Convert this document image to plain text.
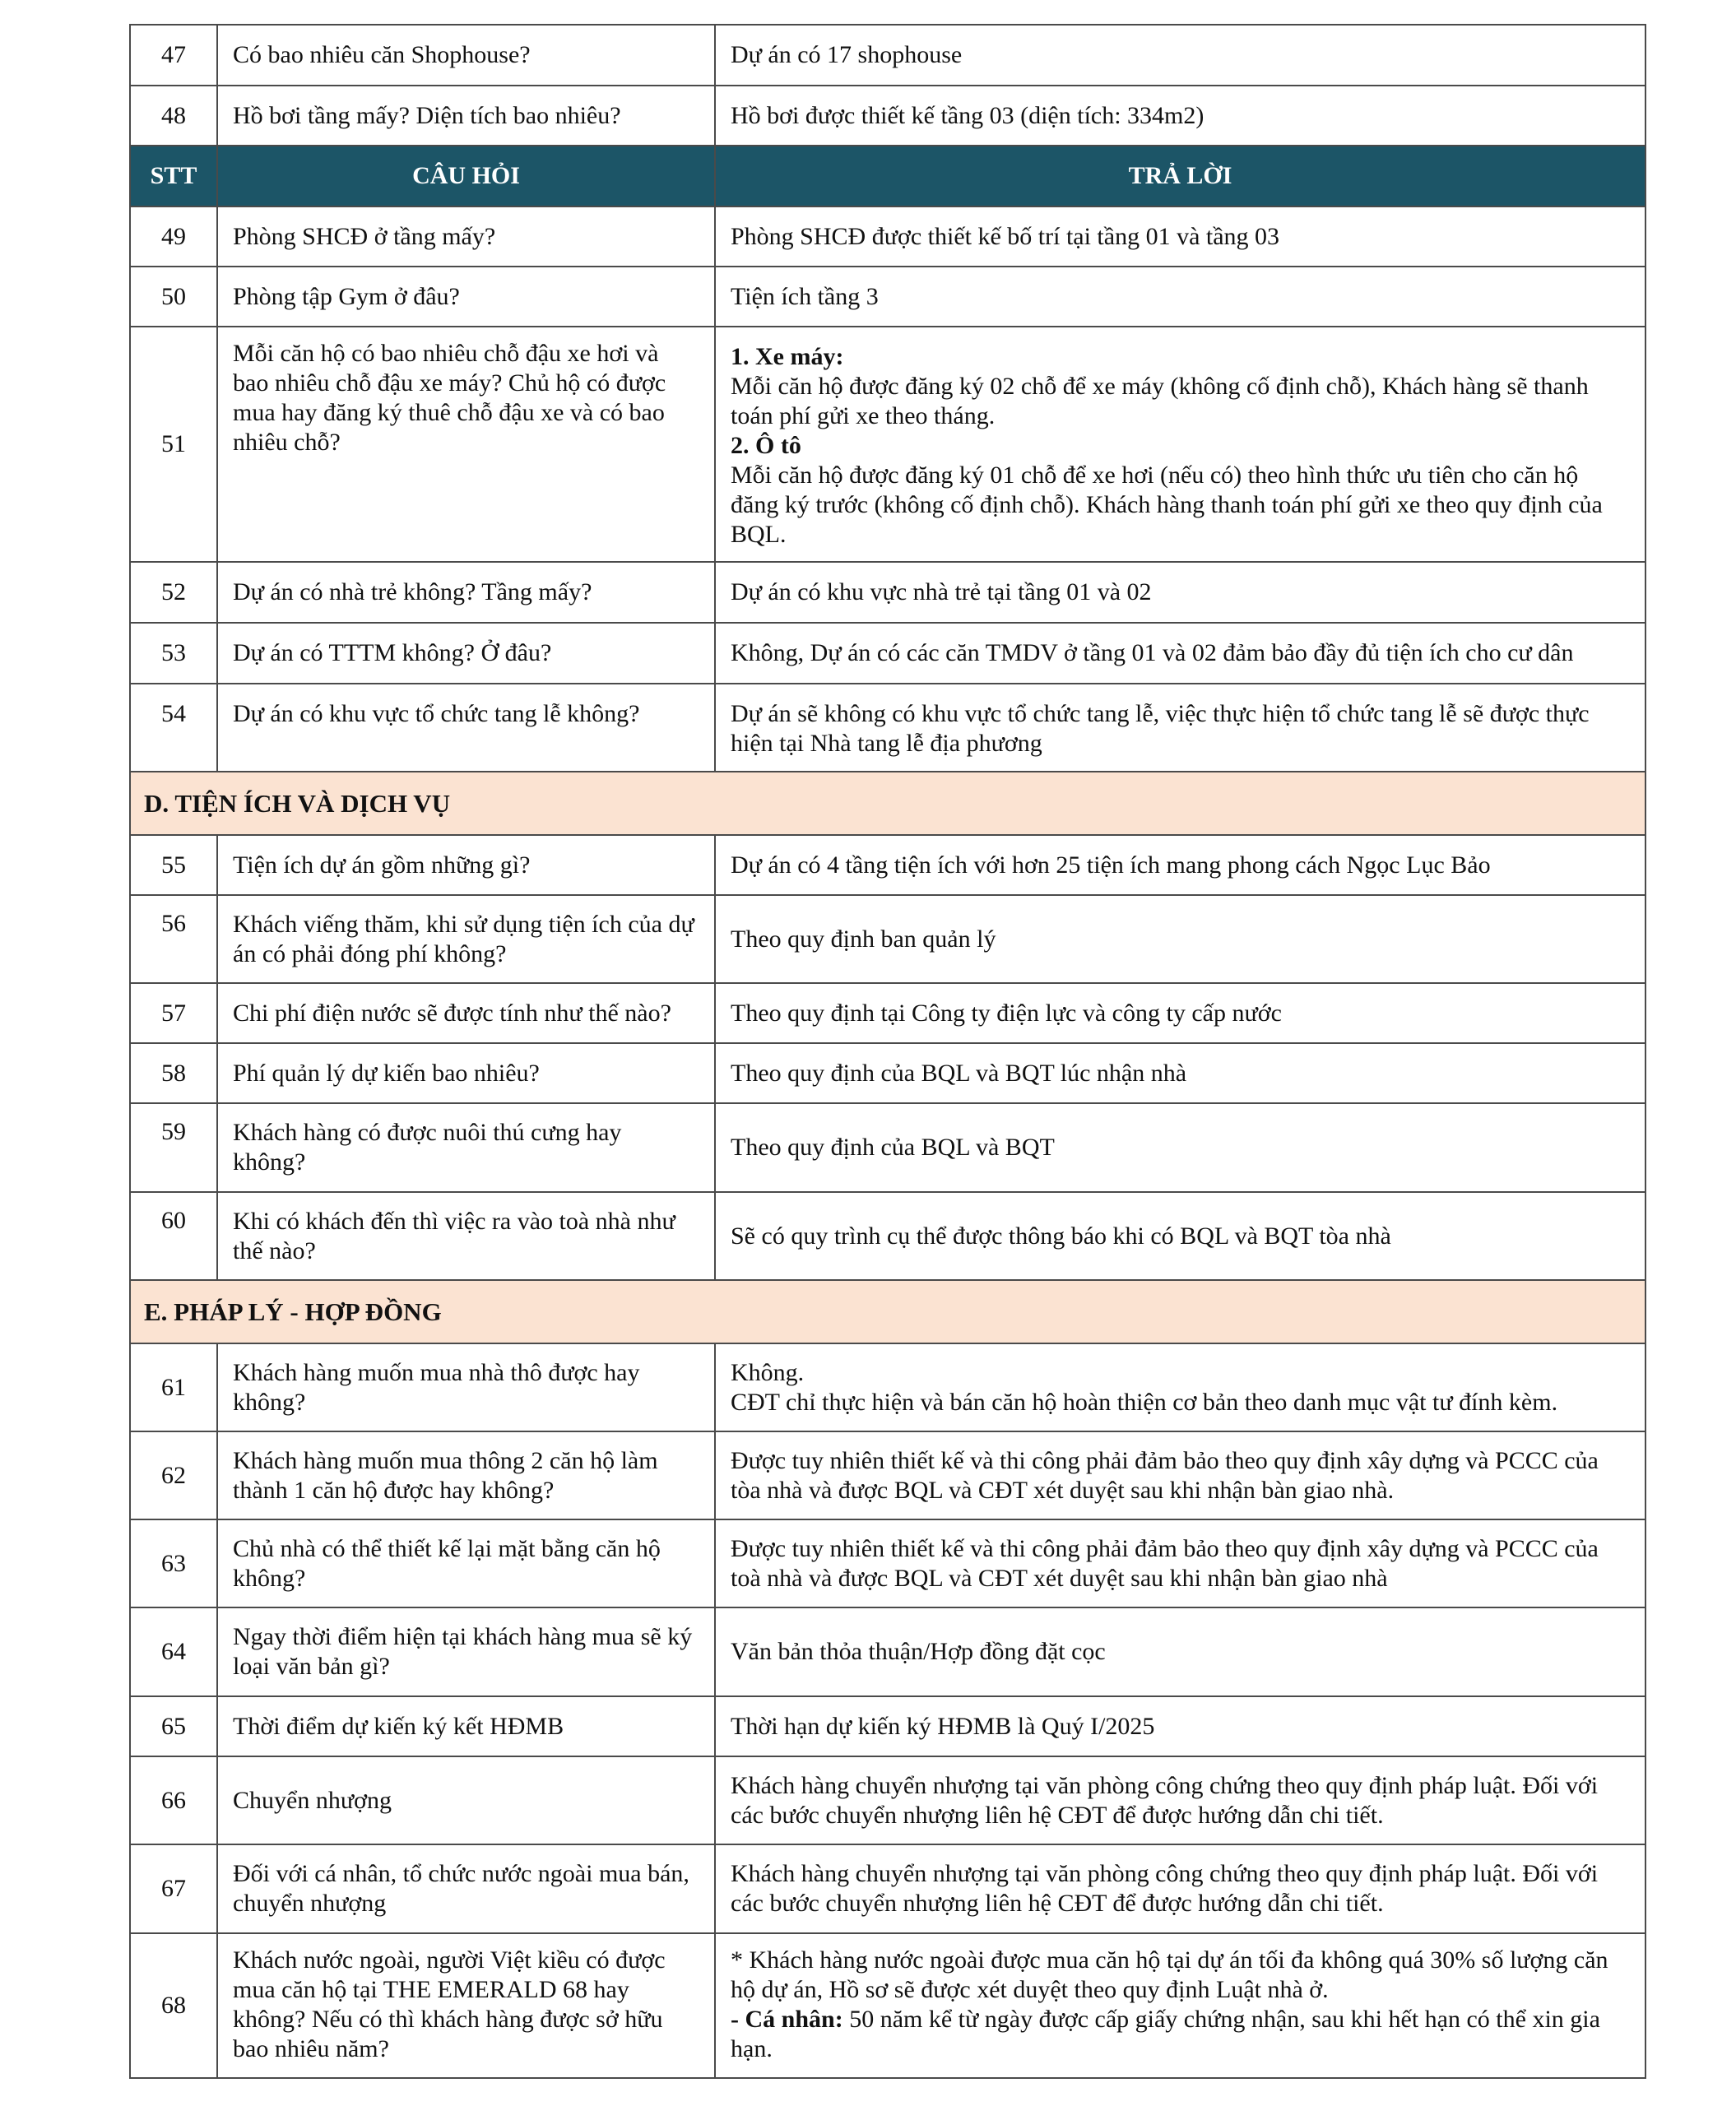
47	Có bao nhiêu căn Shophouse?	Dự án có 17 shophouse
48	Hồ bơi tầng mấy? Diện tích bao nhiêu?	Hồ bơi được thiết kế tầng 03 (diện tích: 334m2)
STT	CÂU HỎI	TRẢ LỜI
49	Phòng SHCĐ ở tầng mấy?	Phòng SHCĐ được thiết kế bố trí tại tầng 01 và tầng 03
50	Phòng tập Gym ở đâu?	Tiện ích tầng 3
51	Mỗi căn hộ có bao nhiêu chỗ đậu xe hơi và bao nhiêu chỗ đậu xe máy? Chủ hộ có được mua hay đăng ký thuê chỗ đậu xe và có bao nhiêu chỗ?	1. Xe máy:
Mỗi căn hộ được đăng ký 02 chỗ để xe máy (không cố định chỗ), Khách hàng sẽ thanh toán phí gửi xe theo tháng.
2. Ô tô
Mỗi căn hộ được đăng ký 01 chỗ để xe hơi (nếu có) theo hình thức ưu tiên cho căn hộ đăng ký trước (không cố định chỗ). Khách hàng thanh toán phí gửi xe theo quy định của BQL.

52	Dự án có nhà trẻ không? Tầng mấy?	Dự án có khu vực nhà trẻ tại tầng 01 và 02
53	Dự án có TTTM không? Ở đâu?	Không, Dự án có các căn TMDV ở tầng 01 và 02 đảm bảo đầy đủ tiện ích cho cư dân
54	Dự án có khu vực tổ chức tang lễ không?	Dự án sẽ không có khu vực tổ chức tang lễ, việc thực hiện tổ chức tang lễ sẽ được thực hiện tại Nhà tang lễ địa phương
D. TIỆN ÍCH VÀ DỊCH VỤ		
55	Tiện ích dự án gồm những gì?	Dự án có 4 tầng tiện ích với hơn 25 tiện ích mang phong cách Ngọc Lục Bảo
56	Khách viếng thăm, khi sử dụng tiện ích của dự án có phải đóng phí không?	Theo quy định ban quản lý
57	Chi phí điện nước sẽ được tính như thế nào?	Theo quy định tại Công ty điện lực và công ty cấp nước
58	Phí quản lý dự kiến bao nhiêu?	Theo quy định của BQL và BQT lúc nhận nhà
59	Khách hàng có được nuôi thú cưng hay không?	Theo quy định của BQL và BQT
60	Khi có khách đến thì việc ra vào toà nhà như thế nào?	Sẽ có quy trình cụ thể được thông báo khi có BQL và BQT tòa nhà
E. PHÁP LÝ - HỢP ĐỒNG		
61	Khách hàng muốn mua nhà thô được hay không?	Không.
CĐT chỉ thực hiện và bán căn hộ hoàn thiện cơ bản theo danh mục vật tư đính kèm.

62	Khách hàng muốn mua thông 2 căn hộ làm thành 1 căn hộ được hay không?	Được tuy nhiên thiết kế và thi công phải đảm bảo theo quy định xây dựng và PCCC của tòa nhà và được BQL và CĐT xét duyệt sau khi nhận bàn giao nhà.
63	Chủ nhà có thể thiết kế lại mặt bằng căn hộ không?	Được tuy nhiên thiết kế và thi công phải đảm bảo theo quy định xây dựng và PCCC của toà nhà và được BQL và CĐT xét duyệt sau khi nhận bàn giao nhà
64	Ngay thời điểm hiện tại khách hàng mua sẽ ký loại văn bản gì?	Văn bản thỏa thuận/Hợp đồng đặt cọc
65	Thời điểm dự kiến ký kết HĐMB	Thời hạn dự kiến ký HĐMB là Quý I/2025
66	Chuyển nhượng	Khách hàng chuyển nhượng tại văn phòng công chứng theo quy định pháp luật. Đối với các bước chuyển nhượng liên hệ CĐT để được hướng dẫn chi tiết.
67	Đối với cá nhân, tổ chức nước ngoài mua bán, chuyển nhượng	Khách hàng chuyển nhượng tại văn phòng công chứng theo quy định pháp luật. Đối với các bước chuyển nhượng liên hệ CĐT để được hướng dẫn chi tiết.
68	Khách nước ngoài, người Việt kiều có được mua căn hộ tại THE EMERALD 68 hay không? Nếu có thì khách hàng được sở hữu bao nhiêu năm?	* Khách hàng nước ngoài được mua căn hộ tại dự án tối đa không quá 30% số lượng căn hộ dự án, Hồ sơ sẽ được xét duyệt theo quy định Luật nhà ở.
- Cá nhân: 50 năm kể từ ngày được cấp giấy chứng nhận, sau khi hết hạn có thể xin gia hạn.
